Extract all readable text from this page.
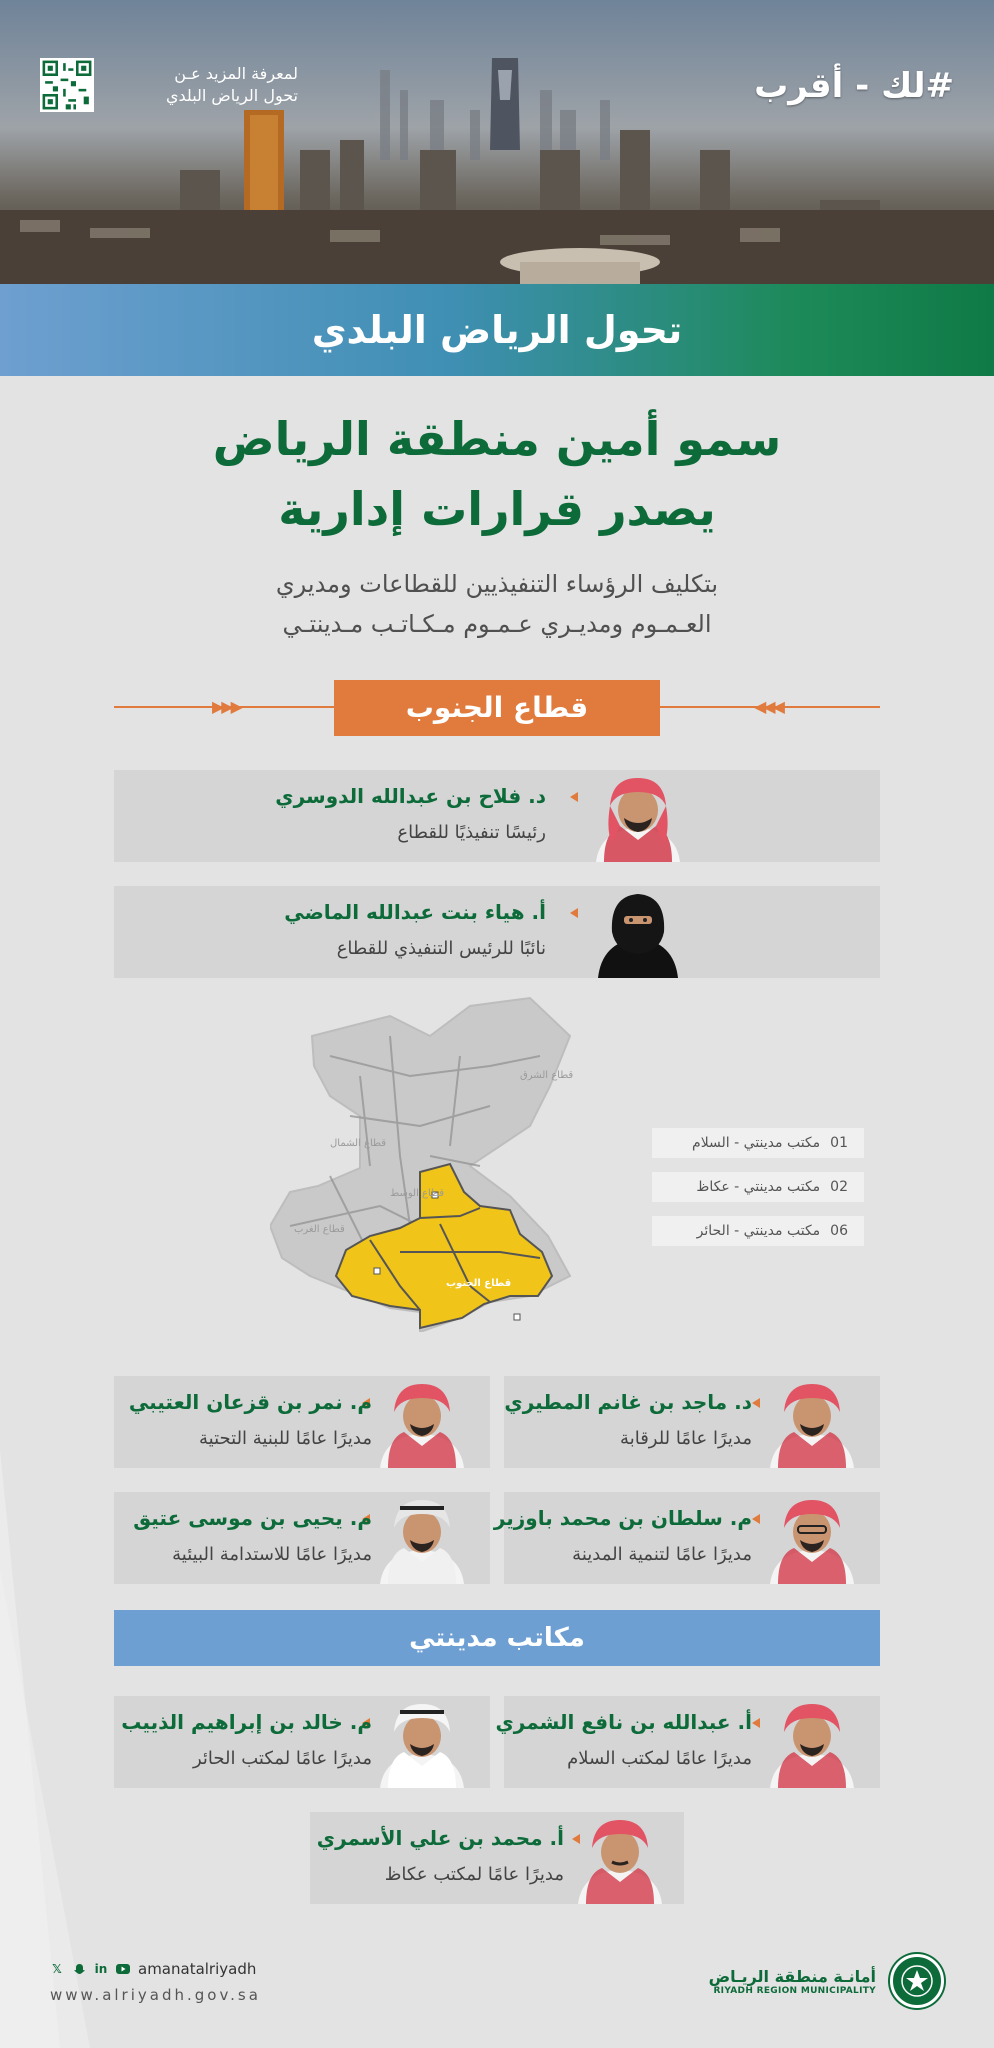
#لك - أقرب
لمعرفة المزيد عـن
تحول الرياض البلدي
تحول الرياض البلدي
سمو أمين منطقة الرياض
يصدر قرارات إدارية
بتكليف الرؤساء التنفيذيين للقطاعات ومديري
العـمـوم ومديـري عـمـوم مـكـاتـب مـدينتـي
▶▶▶	◀◀◀
قطاع الجنوب
د. فلاح بن عبدالله الدوسري
رئيسًا تنفيذيًا للقطاع
أ. هياء بنت عبدالله الماضي
نائبًا للرئيس التنفيذي للقطاع
قطاع الشرق
قطاع الشمال
قطاع الوسط
قطاع الغرب
قطاع الجنوب
مكتب مدينتي - السلام 01
مكتب مدينتي - عكاظ 02
مكتب مدينتي - الحائر 06
د. ماجد بن غانم المطيري
مديرًا عامًا للرقابة
م. نمر بن قزعان العتيبي
مديرًا عامًا للبنية التحتية
م. سلطان بن محمد باوزير
مديرًا عامًا لتنمية المدينة
م. يحيى بن موسى عتيق
مديرًا عامًا للاستدامة البيئية
مكاتب مدينتي
أ. عبدالله بن نافع الشمري
مديرًا عامًا لمكتب السلام
م. خالد بن إبراهيم الذييب
مديرًا عامًا لمكتب الحائر
أ. محمد بن علي الأسمري
مديرًا عامًا لمكتب عكاظ
𝕏	in amanatalriyadh
www.alriyadh.gov.sa
أمانـة منطقة الريـاض
RIYADH REGION MUNICIPALITY
